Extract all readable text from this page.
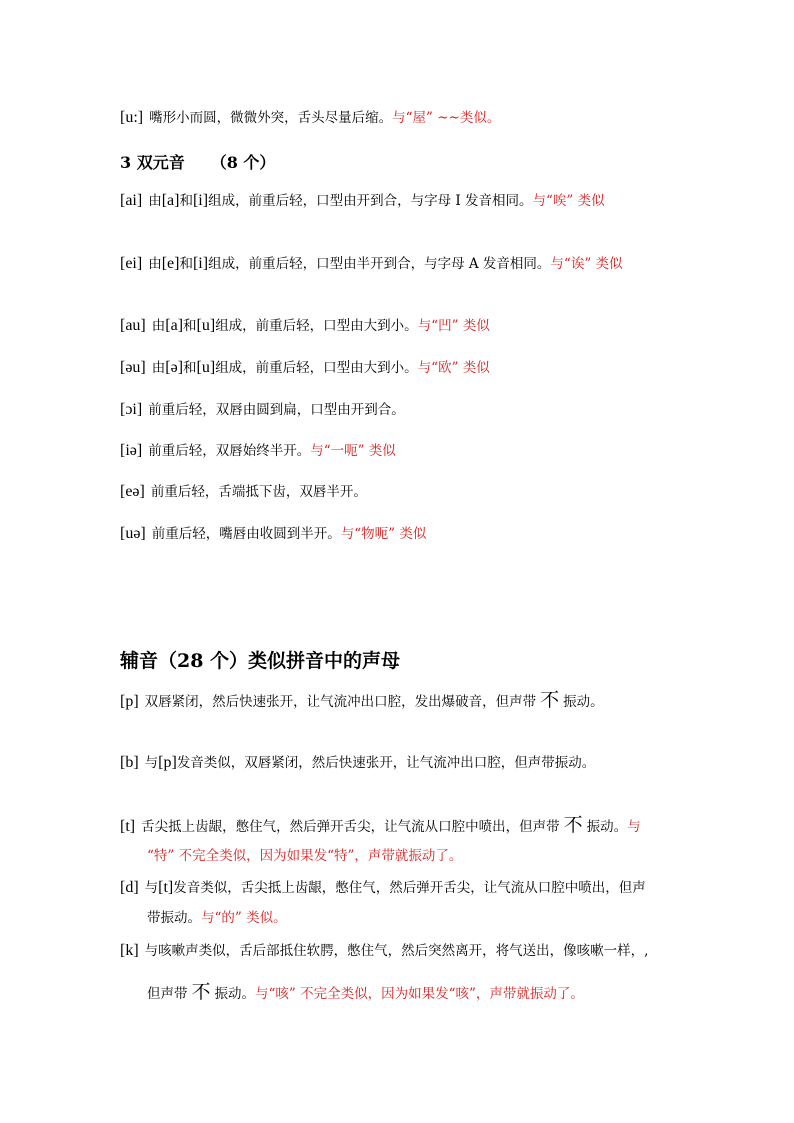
[u:] 嘴形小而圆，微微外突，舌头尽量后缩。与“屋” ~~类似。
3 双元音 （8 个）
[ai] 由[a]和[i]组成，前重后轻，口型由开到合，与字母 I 发音相同。与“唉” 类似
[ei] 由[e]和[i]组成，前重后轻，口型由半开到合，与字母 A 发音相同。与“诶” 类似
[au] 由[a]和[u]组成，前重后轻，口型由大到小。与“凹” 类似
[əu] 由[ə]和[u]组成，前重后轻，口型由大到小。与“欧” 类似
[ɔi] 前重后轻，双唇由圆到扁，口型由开到合。
[iə] 前重后轻，双唇始终半开。与“一呃” 类似
[eə] 前重后轻，舌端抵下齿，双唇半开。
[uə] 前重后轻，嘴唇由收圆到半开。与“物呃” 类似
辅音（28 个）类似拼音中的声母
[p] 双唇紧闭，然后快速张开，让气流冲出口腔，发出爆破音，但声带 不 振动。
[b] 与[p]发音类似，双唇紧闭，然后快速张开，让气流冲出口腔，但声带振动。
[t] 舌尖抵上齿龈，憋住气，然后弹开舌尖，让气流从口腔中喷出，但声带 不 振动。与
“特” 不完全类似，因为如果发“特”，声带就振动了。
[d] 与[t]发音类似，舌尖抵上齿龈，憋住气，然后弹开舌尖，让气流从口腔中喷出，但声
带振动。与“的” 类似。
[k] 与咳嗽声类似，舌后部抵住软腭，憋住气，然后突然离开，将气送出，像咳嗽一样，,
但声带 不 振动。与“咳” 不完全类似，因为如果发“咳”，声带就振动了。
